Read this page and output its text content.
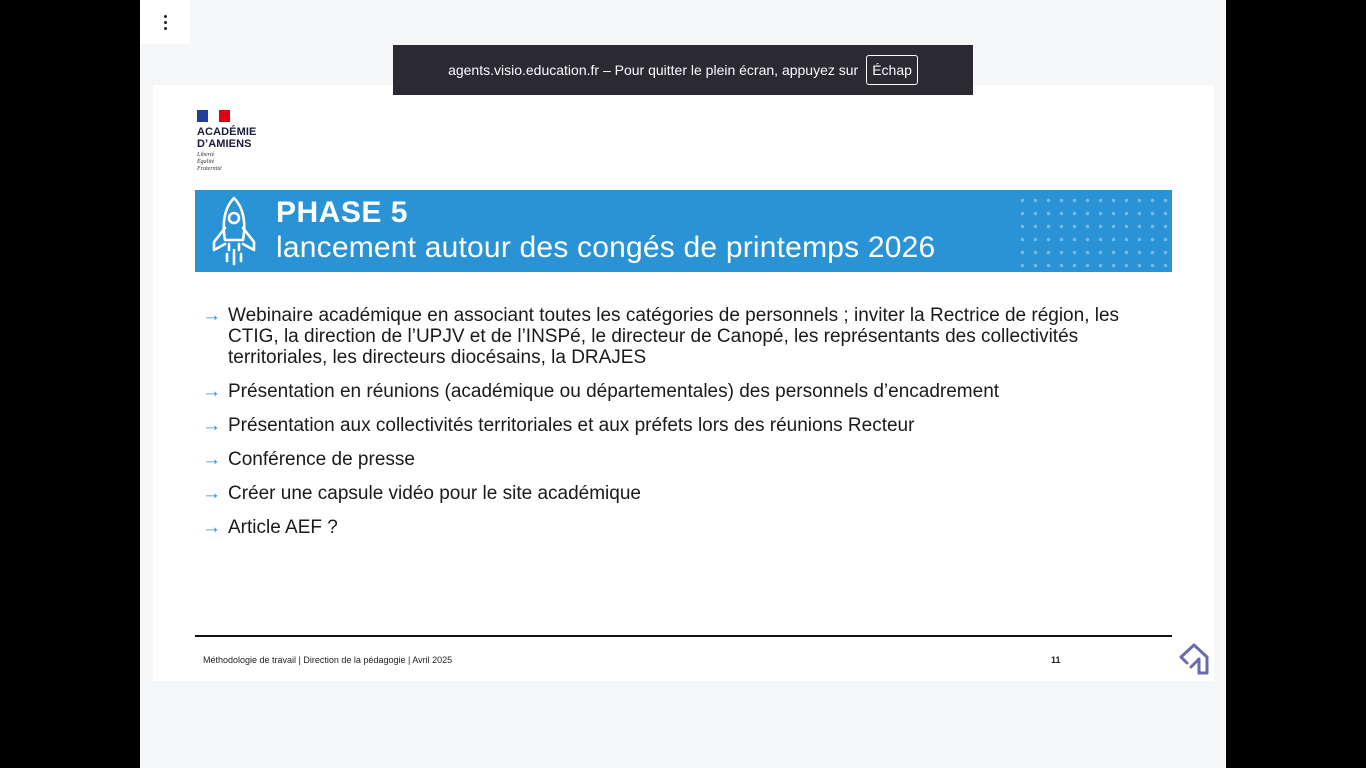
ACADÉMIE
D’AMIENS
Liberté
Égalité
Fraternité
PHASE 5
lancement autour des congés de printemps 2026
→ Webinaire académique en associant toutes les catégories de personnels ; inviter la Rectrice de région, les CTIG, la direction de l’UPJV et de l’INSPé, le directeur de Canopé, les représentants des collectivités territoriales, les directeurs diocésains, la DRAJES
→ Présentation en réunions (académique ou départementales) des personnels d’encadrement
→ Présentation aux collectivités territoriales et aux préfets lors des réunions Recteur
→ Conférence de presse
→ Créer une capsule vidéo pour le site académique
→ Article AEF ?
Méthodologie de travail | Direction de la pédagogie | Avril 2025	11
agents.visio.education.fr – Pour quitter le plein écran, appuyez sur	Échap
